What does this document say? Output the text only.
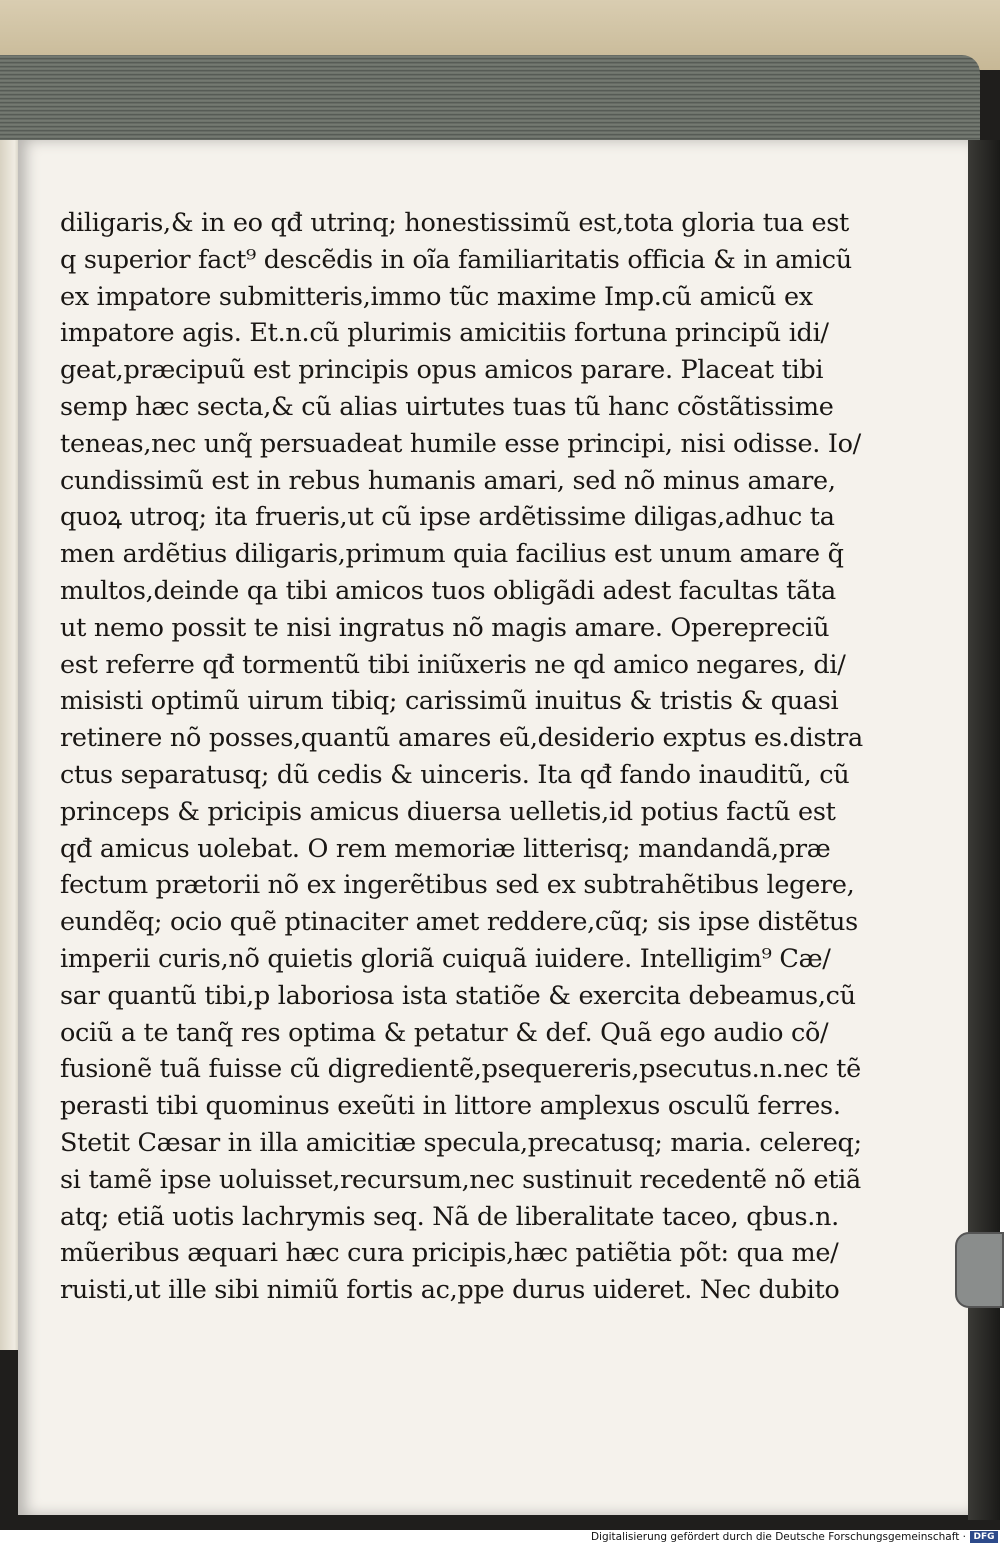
diligaris,& in eo qđ utrinq; honestissimũ est,tota gloria tua est
q superior fact⁹ descẽdis in oĩa familiaritatis officia & in amicũ
ex impatore submitteris,immo tũc maxime Imp.cũ amicũ ex
impatore agis. Et.n.cũ plurimis amicitiis fortuna principũ idi/
geat,præcipuũ est principis opus amicos parare. Placeat tibi
semp hæc secta,& cũ alias uirtutes tuas tũ hanc cõstãtissime
teneas,nec unq̃ persuadeat humile esse principi, nisi odisse. Io/
cundissimũ est in rebus humanis amari, sed nõ minus amare,
quoꝝ utroq; ita frueris,ut cũ ipse ardẽtissime diligas,adhuc ta
men ardẽtius diligaris,primum quia facilius est unum amare q̃
multos,deinde qa tibi amicos tuos obligãdi adest facultas tãta
ut nemo possit te nisi ingratus nõ magis amare. Operepreciũ
est referre qđ tormentũ tibi iniũxeris ne qd amico negares, di/
misisti optimũ uirum tibiq; carissimũ inuitus & tristis & quasi
retinere nõ posses,quantũ amares eũ,desiderio exptus es.distra
ctus separatusq; dũ cedis & uinceris. Ita qđ fando inauditũ, cũ
princeps & pricipis amicus diuersa uelletis,id potius factũ est
qđ amicus uolebat. O rem memoriæ litterisq; mandandã,præ
fectum prætorii nõ ex ingerẽtibus sed ex subtrahẽtibus legere,
eundẽq; ocio quẽ ptinaciter amet reddere,cũq; sis ipse distẽtus
imperii curis,nõ quietis gloriã cuiquã iuidere. Intelligim⁹ Cæ/
sar quantũ tibi,p laboriosa ista statiõe & exercita debeamus,cũ
ociũ a te tanq̃ res optima & petatur & def. Quã ego audio cõ/
fusionẽ tuã fuisse cũ digredientẽ,psequereris,psecutus.n.nec tẽ
perasti tibi quominus exeũti in littore amplexus osculũ ferres.
Stetit Cæsar in illa amicitiæ specula,precatusq; maria. celereq;
si tamẽ ipse uoluisset,recursum,nec sustinuit recedentẽ nõ etiã
atq; etiã uotis lachrymis seq. Nã de liberalitate taceo, qbus.n.
mũeribus æquari hæc cura pricipis,hæc patiẽtia põt: qua me/
ruisti,ut ille sibi nimiũ fortis ac,ppe durus uideret. Nec dubito
Digitalisierung gefördert durch die Deutsche Forschungsgemeinschaft · DFG
